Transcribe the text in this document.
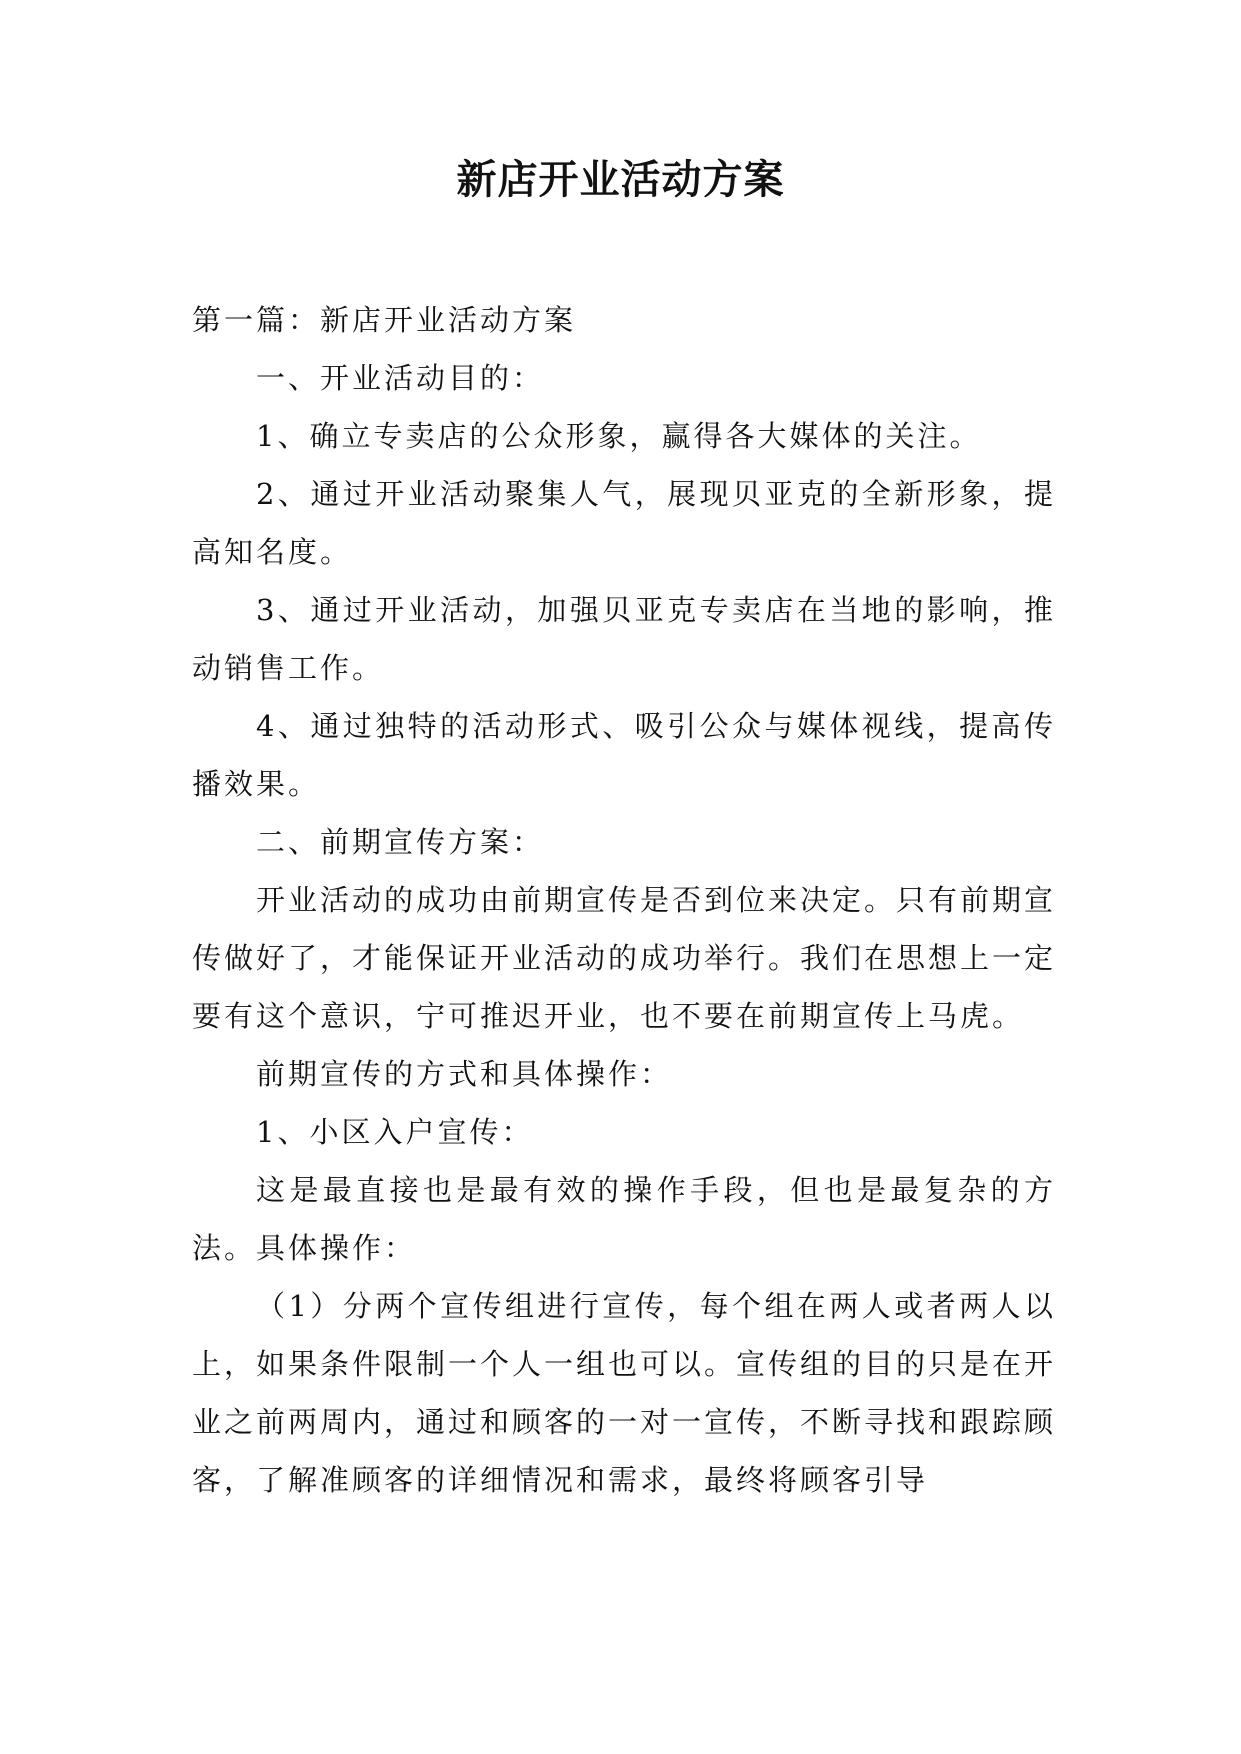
新店开业活动方案

第一篇：新店开业活动方案

一、开业活动目的：

1、确立专卖店的公众形象，赢得各大媒体的关注。

2、通过开业活动聚集人气，展现贝亚克的全新形象，提高知名度。

3、通过开业活动，加强贝亚克专卖店在当地的影响，推动销售工作。

4、通过独特的活动形式、吸引公众与媒体视线，提高传播效果。

二、前期宣传方案：

开业活动的成功由前期宣传是否到位来决定。只有前期宣传做好了，才能保证开业活动的成功举行。我们在思想上一定要有这个意识，宁可推迟开业，也不要在前期宣传上马虎。

前期宣传的方式和具体操作：

1、小区入户宣传：

这是最直接也是最有效的操作手段，但也是最复杂的方法。具体操作：

（1）分两个宣传组进行宣传，每个组在两人或者两人以上，如果条件限制一个人一组也可以。宣传组的目的只是在开业之前两周内，通过和顾客的一对一宣传，不断寻找和跟踪顾客，了解准顾客的详细情况和需求，最终将顾客引导
